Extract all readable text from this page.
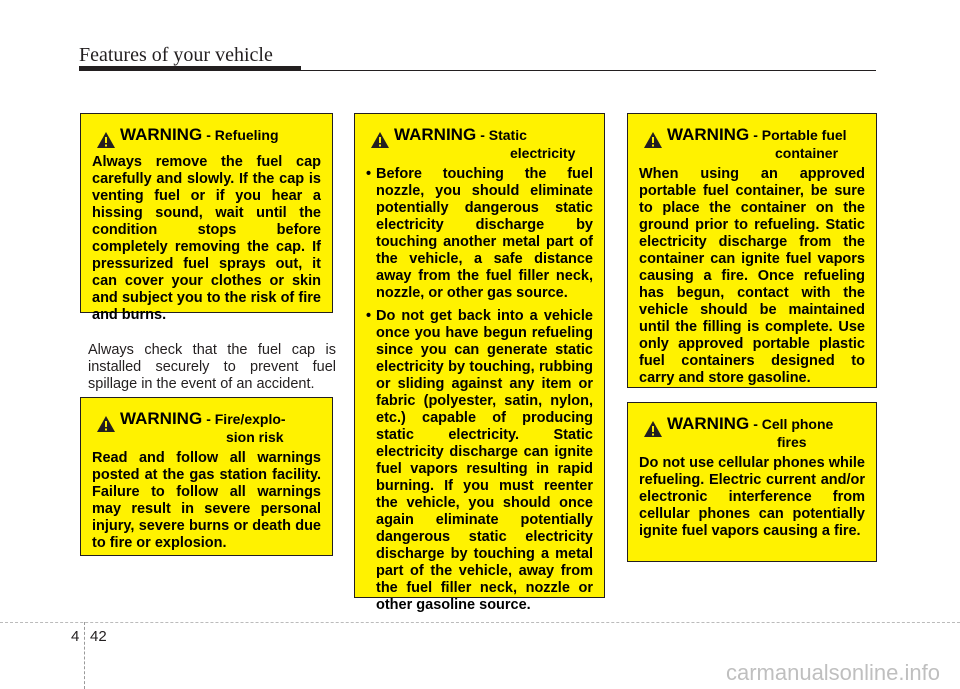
Features of your vehicle
WARNING - Refueling
Always remove the fuel cap carefully and slowly. If the cap is venting fuel or if you hear a hissing sound, wait until the condition stops before completely removing the cap. If pressurized fuel sprays out, it can cover your clothes or skin and subject you to the risk of fire and burns.
Always check that the fuel cap is installed securely to prevent fuel spillage in the event of an accident.
WARNING - Fire/explo-
sion risk
Read and follow all warnings posted at the gas station facility. Failure to follow all warnings may result in severe personal injury, severe burns or death due to fire or explosion.
WARNING - Static
electricity
• Before touching the fuel nozzle, you should eliminate potentially dangerous static electricity discharge by touching another metal part of the vehicle, a safe distance away from the fuel filler neck, nozzle, or other gas source.
• Do not get back into a vehicle once you have begun refueling since you can generate static electricity by touching, rubbing or sliding against any item or fabric (polyester, satin, nylon, etc.) capable of producing static electricity. Static electricity discharge can ignite fuel vapors resulting in rapid burning. If you must reenter the vehicle, you should once again eliminate potentially dangerous static electricity discharge by touching a metal part of the vehicle, away from the fuel filler neck, nozzle or other gasoline source.
WARNING - Portable fuel
container
When using an approved portable fuel container, be sure to place the container on the ground prior to refueling. Static electricity discharge from the container can ignite fuel vapors causing a fire. Once refueling has begun, contact with the vehicle should be maintained until the filling is complete. Use only approved portable plastic fuel containers designed to carry and store gasoline.
WARNING - Cell phone
fires
Do not use cellular phones while refueling. Electric current and/or electronic interference from cellular phones can potentially ignite fuel vapors causing a fire.
4 42
carmanualsonline.info
